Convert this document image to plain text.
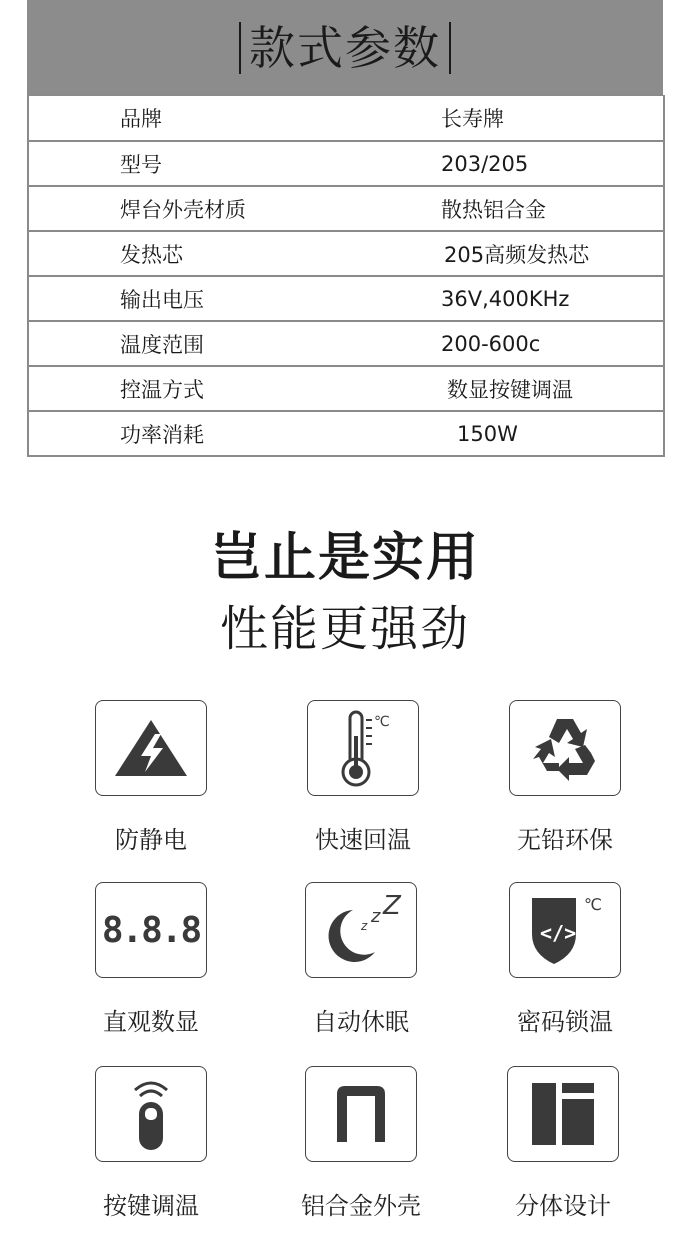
款式参数
品牌	长寿牌
型号	203/205
焊台外壳材质	散热铝合金
发热芯	205高频发热芯
输出电压	36V,400KHz
温度范围	200-600c
控温方式	数显按键调温
功率消耗	150W
岂止是实用
性能更强劲
防静电
℃
快速回温	无铅环保
8.8.8
直观数显
z z Z
自动休眠
</>
℃
密码锁温
按键调温	铝合金外壳	分体设计
